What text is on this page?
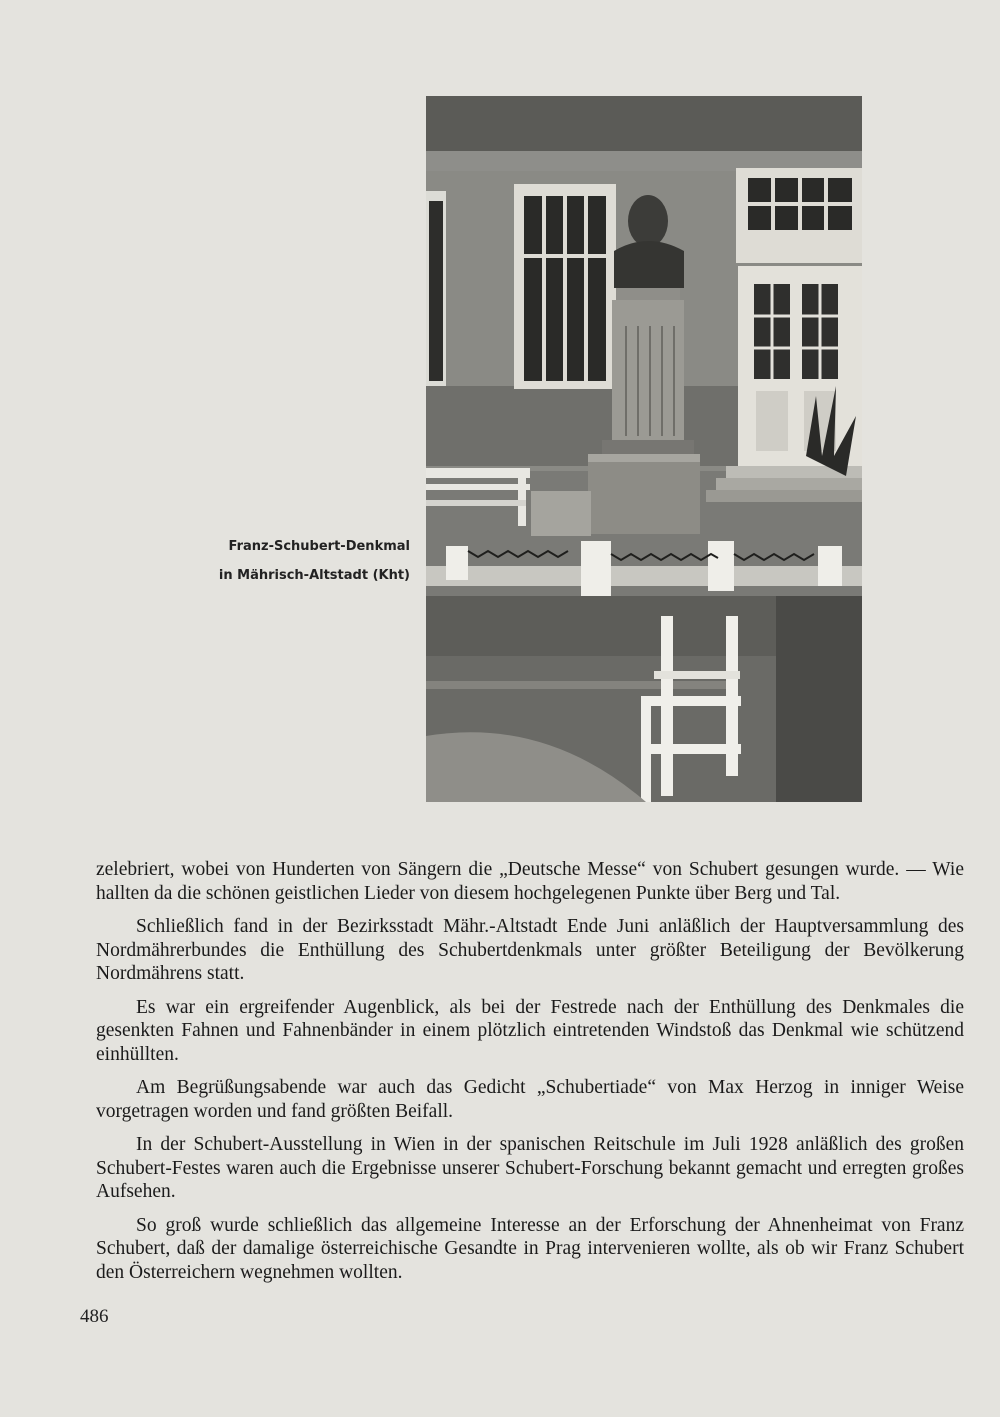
Franz-Schubert-Denkmal
in Mährisch-Altstadt (Kht)

zelebriert, wobei von Hunderten von Sängern die „Deutsche Messe“ von Schubert gesungen wurde. — Wie hallten da die schönen geistlichen Lieder von diesem hochgelegenen Punkte über Berg und Tal.

Schließlich fand in der Bezirksstadt Mähr.-Altstadt Ende Juni anläßlich der Hauptversammlung des Nordmährerbundes die Enthüllung des Schubertdenkmals unter größter Beteiligung der Bevölkerung Nordmährens statt.

Es war ein ergreifender Augenblick, als bei der Festrede nach der Enthüllung des Denkmales die gesenkten Fahnen und Fahnenbänder in einem plötzlich eintretenden Windstoß das Denkmal wie schützend einhüllten.

Am Begrüßungsabende war auch das Gedicht „Schubertiade“ von Max Herzog in inniger Weise vorgetragen worden und fand größten Beifall.

In der Schubert-Ausstellung in Wien in der spanischen Reitschule im Juli 1928 anläßlich des großen Schubert-Festes waren auch die Ergebnisse unserer Schubert-Forschung bekannt gemacht und erregten großes Aufsehen.

So groß wurde schließlich das allgemeine Interesse an der Erforschung der Ahnenheimat von Franz Schubert, daß der damalige österreichische Gesandte in Prag intervenieren wollte, als ob wir Franz Schubert den Österreichern wegnehmen wollten.

486
